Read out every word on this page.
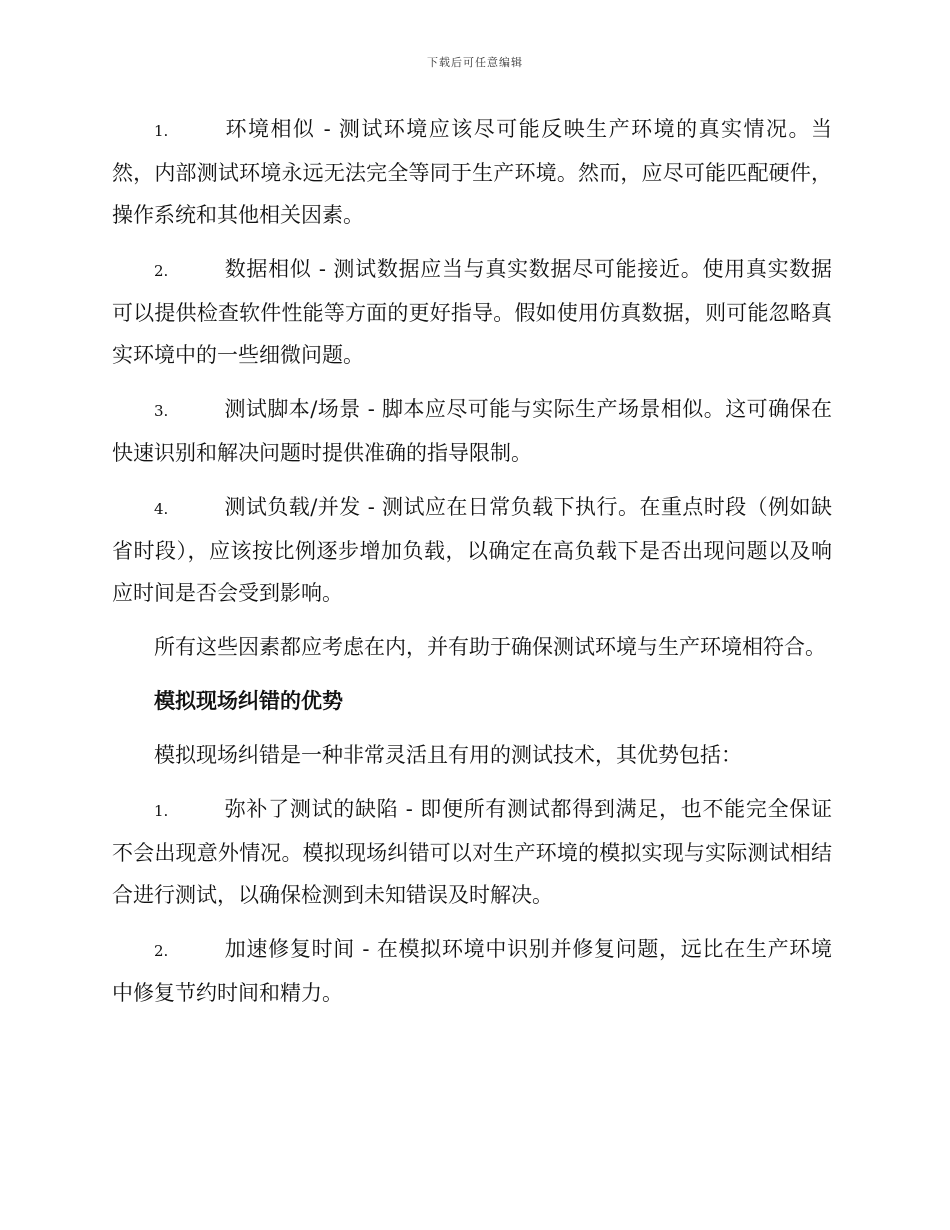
下载后可任意编辑

1.	环境相似 - 测试环境应该尽可能反映生产环境的真实情况。当然，内部测试环境永远无法完全等同于生产环境。然而，应尽可能匹配硬件，操作系统和其他相关因素。

2.	数据相似 - 测试数据应当与真实数据尽可能接近。使用真实数据可以提供检查软件性能等方面的更好指导。假如使用仿真数据，则可能忽略真实环境中的一些细微问题。

3.	测试脚本/场景 - 脚本应尽可能与实际生产场景相似。这可确保在快速识别和解决问题时提供准确的指导限制。

4.	测试负载/并发 - 测试应在日常负载下执行。在重点时段（例如缺省时段），应该按比例逐步增加负载，以确定在高负载下是否出现问题以及响应时间是否会受到影响。

所有这些因素都应考虑在内，并有助于确保测试环境与生产环境相符合。

模拟现场纠错的优势

模拟现场纠错是一种非常灵活且有用的测试技术，其优势包括：

1.	弥补了测试的缺陷 - 即便所有测试都得到满足，也不能完全保证不会出现意外情况。模拟现场纠错可以对生产环境的模拟实现与实际测试相结合进行测试，以确保检测到未知错误及时解决。

2.	加速修复时间 - 在模拟环境中识别并修复问题，远比在生产环境中修复节约时间和精力。
